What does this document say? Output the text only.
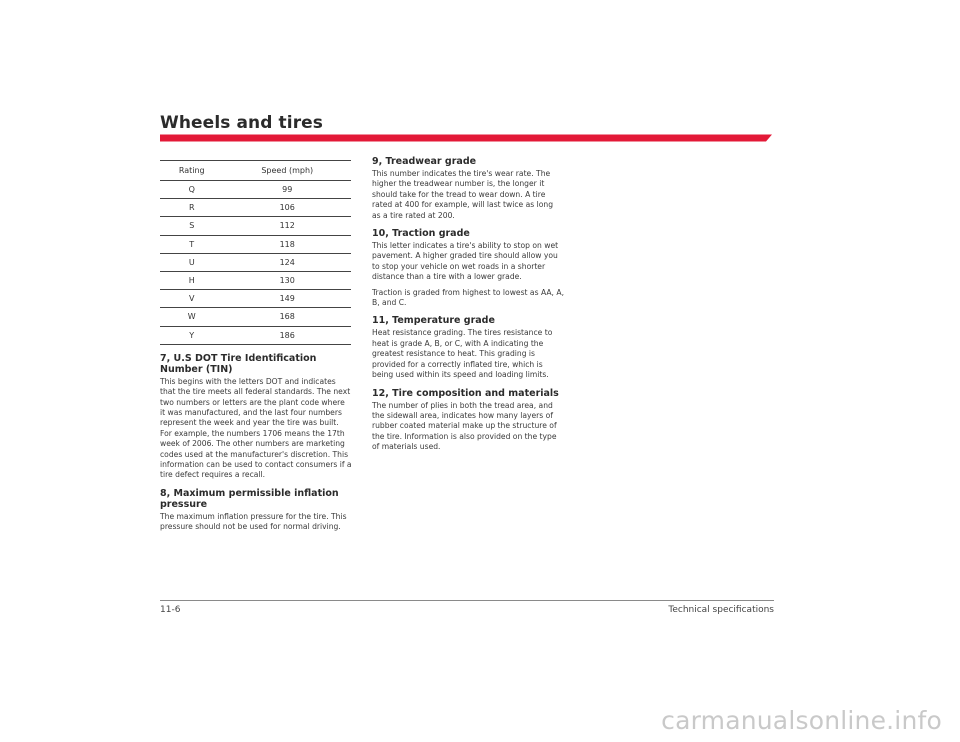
Wheels and tires
Rating	Speed (mph)
Q	99
R	106
S	112
T	118
U	124
H	130
V	149
W	168
Y	186
7, U.S DOT Tire Identification Number (TIN)

This begins with the letters DOT and indicates that the tire meets all federal standards. The next two numbers or letters are the plant code where it was manufactured, and the last four numbers represent the week and year the tire was built. For example, the numbers 1706 means the 17th week of 2006. The other numbers are marketing codes used at the manufacturer's discretion. This information can be used to contact consumers if a tire defect requires a recall.

8, Maximum permissible inflation pressure

The maximum inflation pressure for the tire. This pressure should not be used for normal driving.

9, Treadwear grade

This number indicates the tire's wear rate. The higher the treadwear number is, the longer it should take for the tread to wear down. A tire rated at 400 for example, will last twice as long as a tire rated at 200.

10, Traction grade

This letter indicates a tire's ability to stop on wet pavement. A higher graded tire should allow you to stop your vehicle on wet roads in a shorter distance than a tire with a lower grade.

Traction is graded from highest to lowest as AA, A, B, and C.

11, Temperature grade

Heat resistance grading. The tires resistance to heat is grade A, B, or C, with A indicating the greatest resistance to heat. This grading is provided for a correctly inflated tire, which is being used within its speed and loading limits.

12, Tire composition and materials

The number of plies in both the tread area, and the sidewall area, indicates how many layers of rubber coated material make up the structure of the tire. Information is also provided on the type of materials used.

11-6	Technical specifications
carmanualsonline.info
